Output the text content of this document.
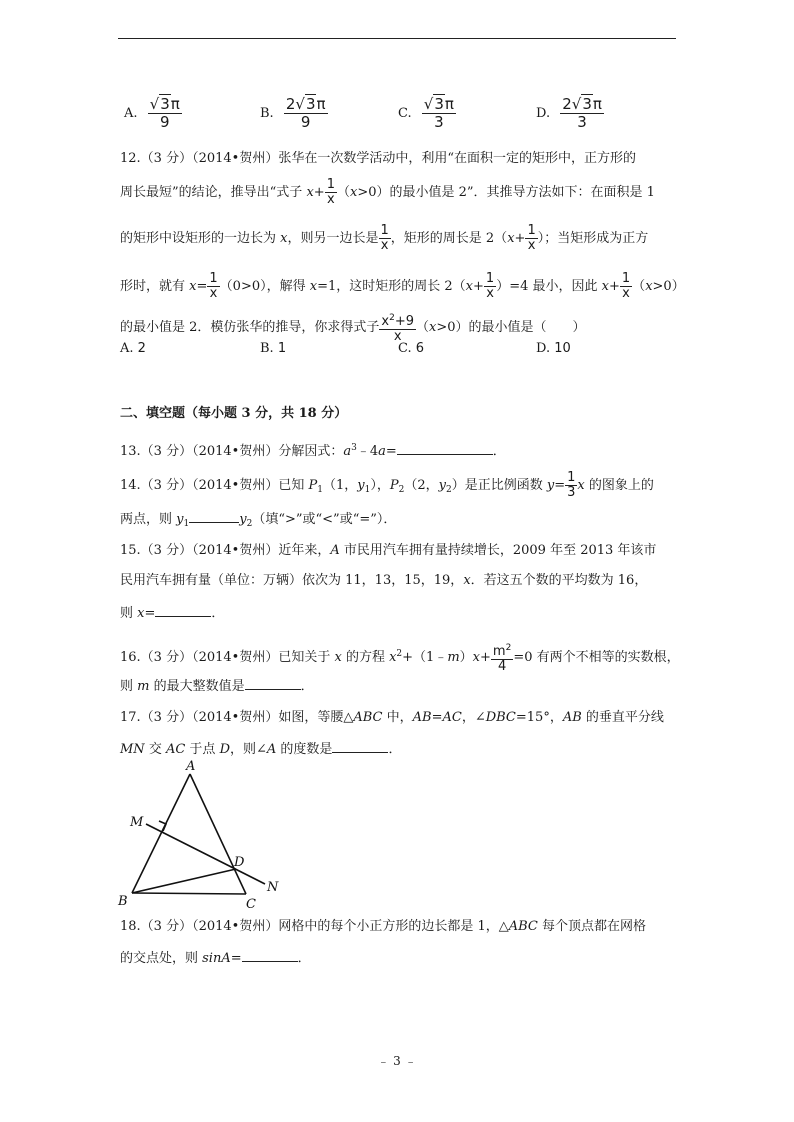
A. $\frac{√3\pi}{9}$	B. $\frac{2√3\pi}{9}$	C. $\frac{√3\pi}{3}$	D. $\frac{2√3\pi}{3}$
12.（3 分）（2014•贺州）张华在一次数学活动中，利用“在面积一定的矩形中，正方形的
周长最短”的结论，推导出“式子 $x+ \frac{1}{x} (x>0)$的最小值是 2”．其推导方法如下：在面积是 1
的矩形中设矩形的一边长为 x，则另一边长是 $\frac{1}{x}$ ，矩形的周长是 $2(x+ \frac{1}{x}$ ）；当矩形成为正方
形时，就有 $x= \frac{1}{x} (0>0)$，解得 x=1，这时矩形的周长 $2(x+ \frac{1}{x} )=4$ 最小，因此 $x+ \frac{1}{x} (x>0)$
的最小值是 2．模仿张华的推导，你求得式子 $\frac{x^2+9}{x} (x>0)$的最小值是（　　）
A. 2	B. 1	C. 6	D. 10
二、填空题（每小题 3 分，共 18 分）
13.（3 分）（2014•贺州）分解因式：$a^3﹣4a=$	．
14.（3 分）（2014•贺州）已知 $P_1(1$，$y_1$），$P_2(2$，$y_2$）是正比例函数 $y= \frac{1}{3}$ x 的图象上的
两点，则 $y_1$	$y_2$（填“>”或“<”或“=”）．
15.（3 分）（2014•贺州）近年来，A 市民用汽车拥有量持续增长，2009 年至 2013 年该市
民用汽车拥有量（单位：万辆）依次为 11，13，15，19，x．若这五个数的平均数为 16，
则 x=	．
16.（3 分）（2014•贺州）已知关于 x 的方程 $x^2+(1﹣m)x+ \frac{m^2}{4} =0$ 有两个不相等的实数根，
则 m 的最大整数值是	．
17.（3 分）（2014•贺州）如图，等腰△ABC 中，AB=AC，∠DBC=15°，AB 的垂直平分线
MN 交 AC 于点 D，则∠A 的度数是	．
A
M
D
N
B	C
18.（3 分）（2014•贺州）网格中的每个小正方形的边长都是 1，△ABC 每个顶点都在网格
的交点处，则 sinA=	．
﹣ 3 ﹣
